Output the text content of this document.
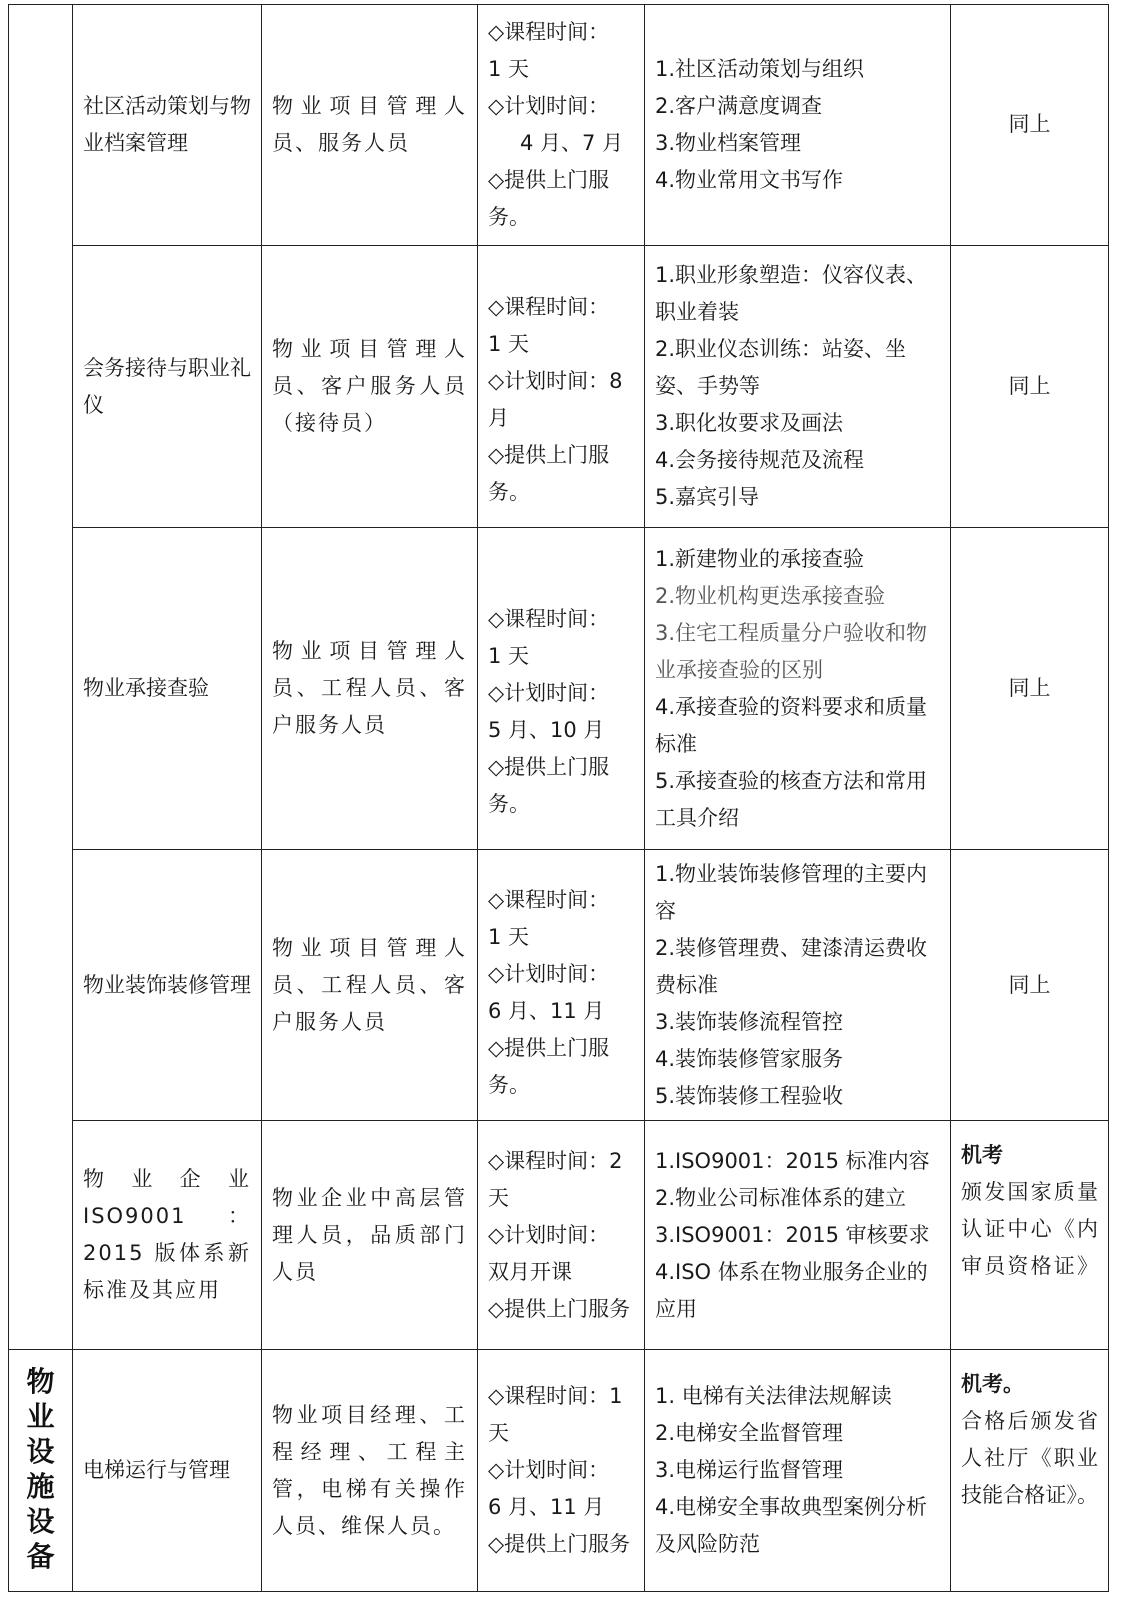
	社区活动策划与物业档案管理	物业项目管理人员、服务人员	◇课程时间：
1 天
◇计划时间：
4 月、7 月
◇提供上门服务。	1.社区活动策划与组织
2.客户满意度调查
3.物业档案管理
4.物业常用文书写作	同上
	会务接待与职业礼仪	物业项目管理人员、客户服务人员（接待员）	◇课程时间：
1 天
◇计划时间：8 月
◇提供上门服务。	1.职业形象塑造：仪容仪表、职业着装
2.职业仪态训练：站姿、坐姿、手势等
3.职化妆要求及画法
4.会务接待规范及流程
5.嘉宾引导	同上
	物业承接查验	物业项目管理人员、工程人员、客户服务人员	◇课程时间：
1 天
◇计划时间：
5 月、10 月
◇提供上门服务。	1.新建物业的承接查验
2.物业机构更迭承接查验
3.住宅工程质量分户验收和物业承接查验的区别
4.承接查验的资料要求和质量标准
5.承接查验的核查方法和常用工具介绍	同上
	物业装饰装修管理	物业项目管理人员、工程人员、客户服务人员	◇课程时间：
1 天
◇计划时间：
6 月、11 月
◇提供上门服务。	1.物业装饰装修管理的主要内容
2.装修管理费、建漆清运费收费标准
3.装饰装修流程管控
4.装饰装修管家服务
5.装饰装修工程验收	同上
	物 业 企 业 ISO9001 ： 2015 版体系新标准及其应用	物业企业中高层管理人员，品质部门人员	◇课程时间：2 天
◇计划时间：
双月开课
◇提供上门服务	1.ISO9001：2015 标准内容
2.物业公司标准体系的建立
3.ISO9001：2015 审核要求
4.ISO 体系在物业服务企业的应用	机考
颁发国家质量认证中心《内审员资格证》

物业设施设备	电梯运行与管理	物业项目经理、工程经理、工程主管，电梯有关操作人员、维保人员。	◇课程时间：1 天
◇计划时间：
6 月、11 月
◇提供上门服务	1. 电梯有关法律法规解读
2.电梯安全监督管理
3.电梯运行监督管理
4.电梯安全事故典型案例分析及风险防范	机考。
合格后颁发省人社厅《职业技能合格证》。
